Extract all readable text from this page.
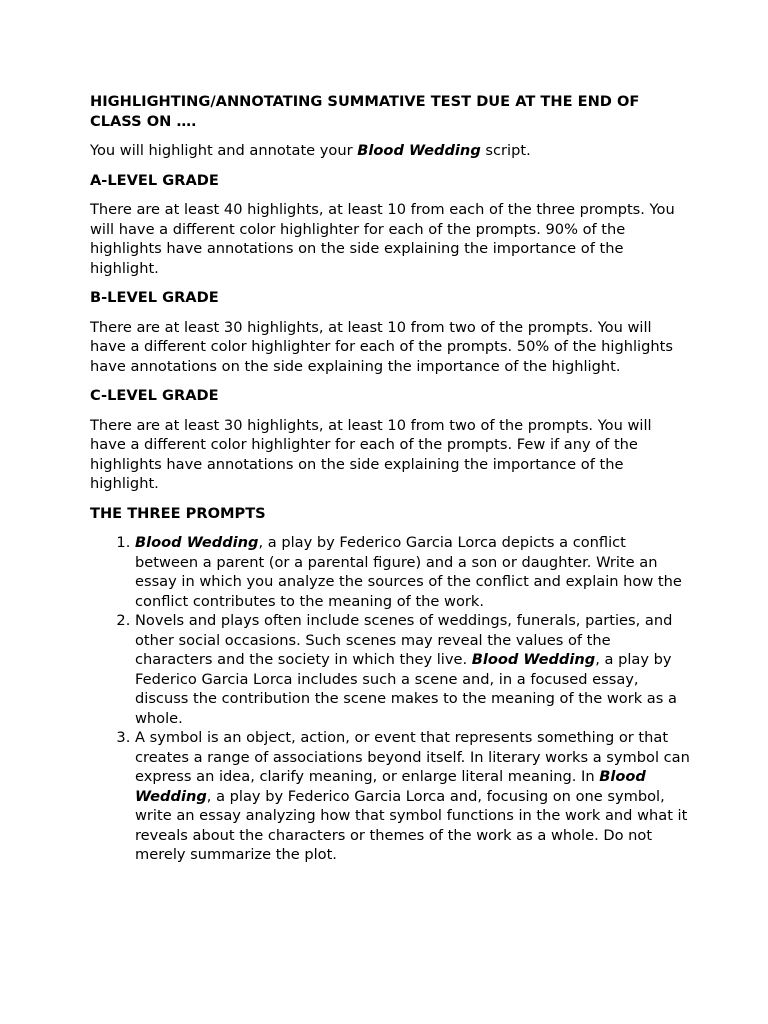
HIGHLIGHTING/ANNOTATING SUMMATIVE TEST DUE AT THE END OF CLASS ON ….

You will highlight and annotate your Blood Wedding script.

A-LEVEL GRADE

There are at least 40 highlights, at least 10 from each of the three prompts. You will have a different color highlighter for each of the prompts. 90% of the highlights have annotations on the side explaining the importance of the highlight.

B-LEVEL GRADE

There are at least 30 highlights, at least 10 from two of the prompts. You will have a different color highlighter for each of the prompts. 50% of the highlights have annotations on the side explaining the importance of the highlight.

C-LEVEL GRADE

There are at least 30 highlights, at least 10 from two of the prompts. You will have a different color highlighter for each of the prompts. Few if any of the highlights have annotations on the side explaining the importance of the highlight.

THE THREE PROMPTS

1. Blood Wedding, a play by Federico Garcia Lorca depicts a conflict between a parent (or a parental figure) and a son or daughter. Write an essay in which you analyze the sources of the conflict and explain how the conflict contributes to the meaning of the work.
2. Novels and plays often include scenes of weddings, funerals, parties, and other social occasions. Such scenes may reveal the values of the characters and the society in which they live. Blood Wedding, a play by Federico Garcia Lorca includes such a scene and, in a focused essay, discuss the contribution the scene makes to the meaning of the work as a whole.
3. A symbol is an object, action, or event that represents something or that creates a range of associations beyond itself. In literary works a symbol can express an idea, clarify meaning, or enlarge literal meaning. In Blood Wedding, a play by Federico Garcia Lorca and, focusing on one symbol, write an essay analyzing how that symbol functions in the work and what it reveals about the characters or themes of the work as a whole. Do not merely summarize the plot.
